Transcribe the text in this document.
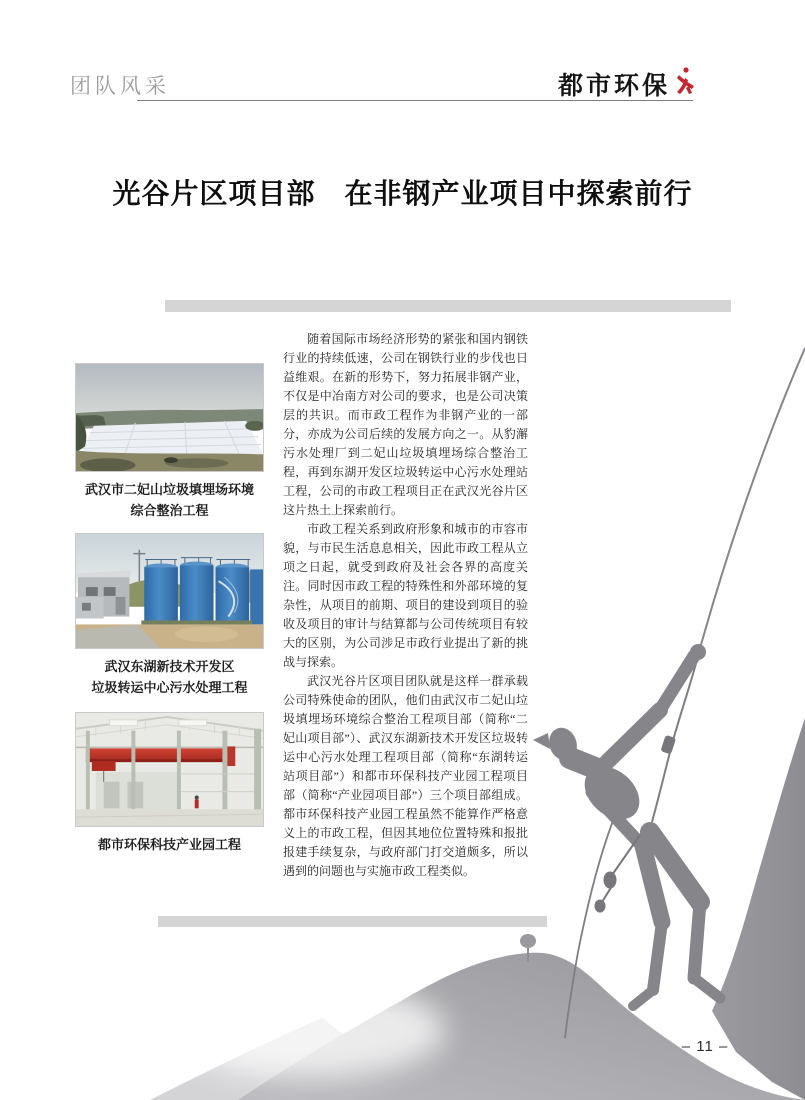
团队风采	都市环保
光谷片区项目部　在非钢产业项目中探索前行
武汉市二妃山垃圾填埋场环境
综合整治工程
武汉东湖新技术开发区
垃圾转运中心污水处理工程
都市环保科技产业园工程

随着国际市场经济形势的紧张和国内钢铁行业的持续低速，公司在钢铁行业的步伐也日益维艰。在新的形势下，努力拓展非钢产业，不仅是中冶南方对公司的要求，也是公司决策层的共识。而市政工程作为非钢产业的一部分，亦成为公司后续的发展方向之一。从豹澥污水处理厂到二妃山垃圾填埋场综合整治工程，再到东湖开发区垃圾转运中心污水处理站工程，公司的市政工程项目正在武汉光谷片区这片热土上探索前行。

市政工程关系到政府形象和城市的市容市貌，与市民生活息息相关，因此市政工程从立项之日起，就受到政府及社会各界的高度关注。同时因市政工程的特殊性和外部环境的复杂性，从项目的前期、项目的建设到项目的验收及项目的审计与结算都与公司传统项目有较大的区别，为公司涉足市政行业提出了新的挑战与探索。

武汉光谷片区项目团队就是这样一群承载公司特殊使命的团队，他们由武汉市二妃山垃圾填埋场环境综合整治工程项目部（简称“二妃山项目部”）、武汉东湖新技术开发区垃圾转运中心污水处理工程项目部（简称“东湖转运站项目部”）和都市环保科技产业园工程项目部（简称“产业园项目部”）三个项目部组成。都市环保科技产业园工程虽然不能算作严格意义上的市政工程，但因其地位位置特殊和报批报建手续复杂，与政府部门打交道颇多，所以遇到的问题也与实施市政工程类似。

– 11 –
